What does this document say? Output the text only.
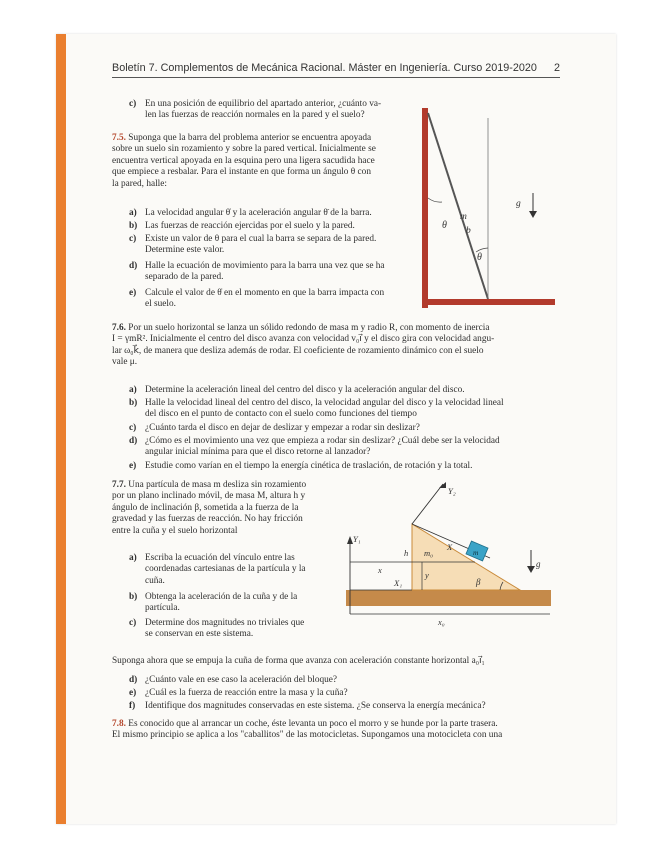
Boletín 7. Complementos de Mecánica Racional. Máster en Ingeniería. Curso 2019-2020 2
c) En una posición de equilibrio del apartado anterior, ¿cuánto va-
len las fuerzas de reacción normales en la pared y el suelo?
7.5. Suponga que la barra del problema anterior se encuentra apoyada
sobre un suelo sin rozamiento y sobre la pared vertical. Inicialmente se
encuentra vertical apoyada en la esquina pero una ligera sacudida hace
que empiece a resbalar. Para el instante en que forma un ángulo θ con
la pared, halle:
a) La velocidad angular θ̇ y la aceleración angular θ̈ de la barra.
b) Las fuerzas de reacción ejercidas por el suelo y la pared.
c) Existe un valor de θ para el cual la barra se separa de la pared.
Determine este valor.
d) Halle la ecuación de movimiento para la barra una vez que se ha
separado de la pared.
e) Calcule el valor de θ̇ en el momento en que la barra impacta con
el suelo.
θ
m
b
θ
g⃗
7.6. Por un suelo horizontal se lanza un sólido redondo de masa m y radio R, con momento de inercia
I = γmR². Inicialmente el centro del disco avanza con velocidad v₀ı⃗ y el disco gira con velocidad angu-
lar ω₀k⃗, de manera que desliza además de rodar. El coeficiente de rozamiento dinámico con el suelo
vale μ.
a) Determine la aceleración lineal del centro del disco y la aceleración angular del disco.
b) Halle la velocidad lineal del centro del disco, la velocidad angular del disco y la velocidad lineal
del disco en el punto de contacto con el suelo como funciones del tiempo
c) ¿Cuánto tarda el disco en dejar de deslizar y empezar a rodar sin deslizar?
d) ¿Cómo es el movimiento una vez que empieza a rodar sin deslizar? ¿Cuál debe ser la velocidad
angular inicial mínima para que el disco retorne al lanzador?
e) Estudie como varían en el tiempo la energía cinética de traslación, de rotación y la total.
7.7. Una partícula de masa m desliza sin rozamiento
por un plano inclinado móvil, de masa M, altura h y
ángulo de inclinación β, sometida a la fuerza de la
gravedad y las fuerzas de reacción. No hay fricción
entre la cuña y el suelo horizontal
a) Escriba la ecuación del vínculo entre las
coordenadas cartesianas de la partícula y la
cuña.
b) Obtenga la aceleración de la cuña y de la
partícula.
c) Determine dos magnitudes no triviales que
se conservan en este sistema.
Y₁
Y₂
h m₀
X
m
x	y
X₁	β
x₀
g⃗
Suponga ahora que se empuja la cuña de forma que avanza con aceleración constante horizontal a₀ı⃗₁
d) ¿Cuánto vale en ese caso la aceleración del bloque?
e) ¿Cuál es la fuerza de reacción entre la masa y la cuña?
f) Identifique dos magnitudes conservadas en este sistema. ¿Se conserva la energía mecánica?
7.8. Es conocido que al arrancar un coche, éste levanta un poco el morro y se hunde por la parte trasera.
El mismo principio se aplica a los "caballitos" de las motocicletas. Supongamos una motocicleta con una
